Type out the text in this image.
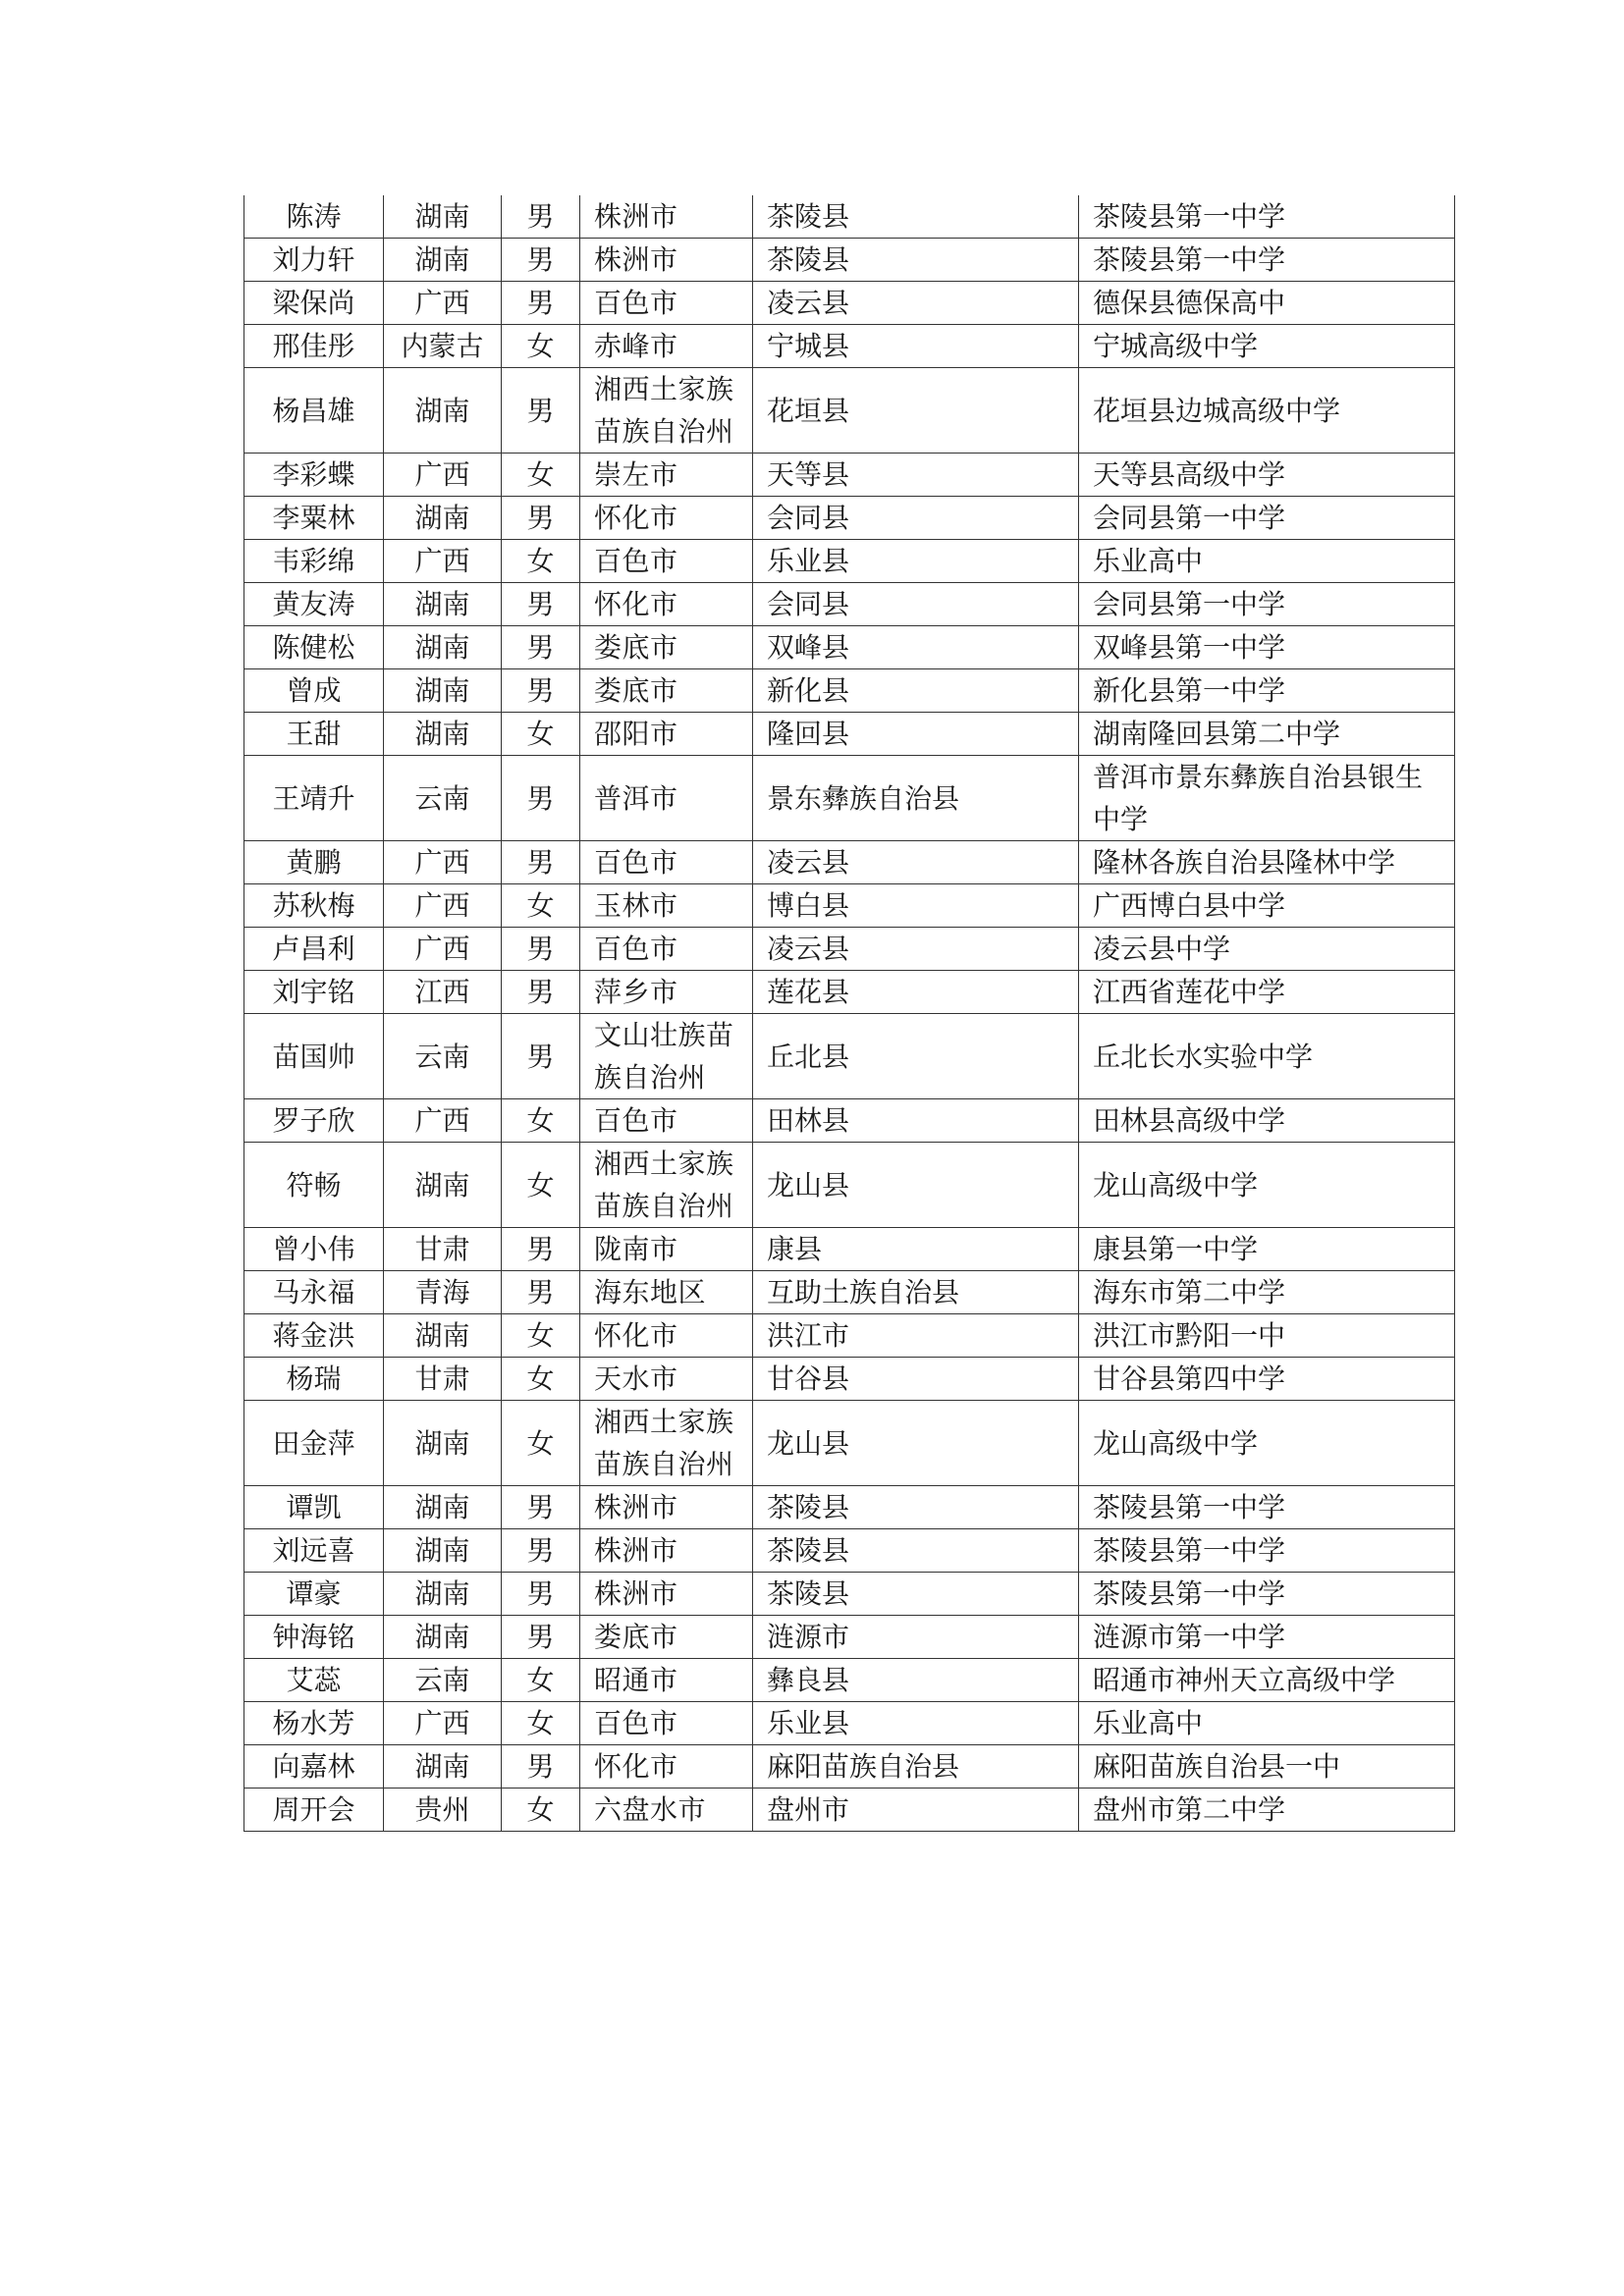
陈涛	湖南	男	株洲市	茶陵县	茶陵县第一中学
刘力轩	湖南	男	株洲市	茶陵县	茶陵县第一中学
梁保尚	广西	男	百色市	凌云县	德保县德保高中
邢佳彤	内蒙古	女	赤峰市	宁城县	宁城高级中学
杨昌雄	湖南	男	湘西土家族苗族自治州	花垣县	花垣县边城高级中学
李彩蝶	广西	女	崇左市	天等县	天等县高级中学
李粟林	湖南	男	怀化市	会同县	会同县第一中学
韦彩绵	广西	女	百色市	乐业县	乐业高中
黄友涛	湖南	男	怀化市	会同县	会同县第一中学
陈健松	湖南	男	娄底市	双峰县	双峰县第一中学
曾成	湖南	男	娄底市	新化县	新化县第一中学
王甜	湖南	女	邵阳市	隆回县	湖南隆回县第二中学
王靖升	云南	男	普洱市	景东彝族自治县	普洱市景东彝族自治县银生中学
黄鹏	广西	男	百色市	凌云县	隆林各族自治县隆林中学
苏秋梅	广西	女	玉林市	博白县	广西博白县中学
卢昌利	广西	男	百色市	凌云县	凌云县中学
刘宇铭	江西	男	萍乡市	莲花县	江西省莲花中学
苗国帅	云南	男	文山壮族苗族自治州	丘北县	丘北长水实验中学
罗子欣	广西	女	百色市	田林县	田林县高级中学
符畅	湖南	女	湘西土家族苗族自治州	龙山县	龙山高级中学
曾小伟	甘肃	男	陇南市	康县	康县第一中学
马永福	青海	男	海东地区	互助土族自治县	海东市第二中学
蒋金洪	湖南	女	怀化市	洪江市	洪江市黔阳一中
杨瑞	甘肃	女	天水市	甘谷县	甘谷县第四中学
田金萍	湖南	女	湘西土家族苗族自治州	龙山县	龙山高级中学
谭凯	湖南	男	株洲市	茶陵县	茶陵县第一中学
刘远喜	湖南	男	株洲市	茶陵县	茶陵县第一中学
谭豪	湖南	男	株洲市	茶陵县	茶陵县第一中学
钟海铭	湖南	男	娄底市	涟源市	涟源市第一中学
艾蕊	云南	女	昭通市	彝良县	昭通市神州天立高级中学
杨水芳	广西	女	百色市	乐业县	乐业高中
向嘉林	湖南	男	怀化市	麻阳苗族自治县	麻阳苗族自治县一中
周开会	贵州	女	六盘水市	盘州市	盘州市第二中学
